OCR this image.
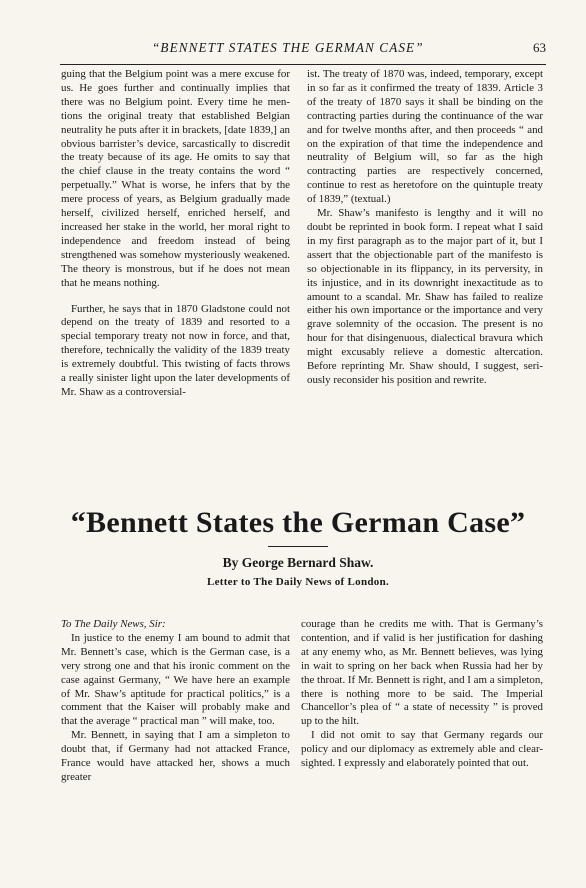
“BENNETT STATES THE GERMAN CASE”	63

guing that the Belgium point was a mere excuse for us. He goes further and continually implies that there was no Belgium point. Every time he mentions the original treaty that established Belgian neutrality he puts after it in brackets, [date 1839,] an obvious barrister’s device, sarcastically to discredit the treaty because of its age. He omits to say that the chief clause in the treaty contains the word “ perpetually.” What is worse, he infers that by the mere process of years, as Belgium gradually made herself, civilized herself, enriched herself, and increased her stake in the world, her moral right to independence and freedom instead of being strengthened was somehow mysteriously weakened. The theory is monstrous, but if he does not mean that he means nothing.

Further, he says that in 1870 Gladstone could not depend on the treaty of 1839 and resorted to a special temporary treaty not now in force, and that, therefore, technically the validity of the 1839 treaty is extremely doubtful. This twisting of facts throws a really sinister light upon the later developments of Mr. Shaw as a controversial-

ist. The treaty of 1870 was, indeed, temporary, except in so far as it confirmed the treaty of 1839. Article 3 of the treaty of 1870 says it shall be binding on the contracting parties during the continuance of the war and for twelve months after, and then proceeds “ and on the expiration of that time the independence and neutrality of Belgium will, so far as the high contracting parties are respectively concerned, continue to rest as heretofore on the quintuple treaty of 1839,” (textual.)

Mr. Shaw’s manifesto is lengthy and it will no doubt be reprinted in book form. I repeat what I said in my first paragraph as to the major part of it, but I assert that the objectionable part of the manifesto is so objectionable in its flippancy, in its perversity, in its injustice, and in its downright inexactitude as to amount to a scandal. Mr. Shaw has failed to realize either his own importance or the importance and very grave solemnity of the occasion. The present is no hour for that disingenuous, dialectical bravura which might excusably relieve a domestic altercation. Before reprinting Mr. Shaw should, I suggest, seriously reconsider his position and rewrite.

“Bennett States the German Case”
By George Bernard Shaw.
Letter to The Daily News of London.

To The Daily News, Sir:

In justice to the enemy I am bound to admit that Mr. Bennett’s case, which is the German case, is a very strong one and that his ironic comment on the case against Germany, “ We have here an example of Mr. Shaw’s aptitude for practical politics,” is a comment that the Kaiser will probably make and that the average “ practical man ” will make, too.

Mr. Bennett, in saying that I am a simpleton to doubt that, if Germany had not attacked France, France would have attacked her, shows a much greater

courage than he credits me with. That is Germany’s contention, and if valid is her justification for dashing at any enemy who, as Mr. Bennett believes, was lying in wait to spring on her back when Russia had her by the throat. If Mr. Bennett is right, and I am a simpleton, there is nothing more to be said. The Imperial Chancellor’s plea of “ a state of necessity ” is proved up to the hilt.

I did not omit to say that Germany regards our policy and our diplomacy as extremely able and clear-sighted. I expressly and elaborately pointed that out.
